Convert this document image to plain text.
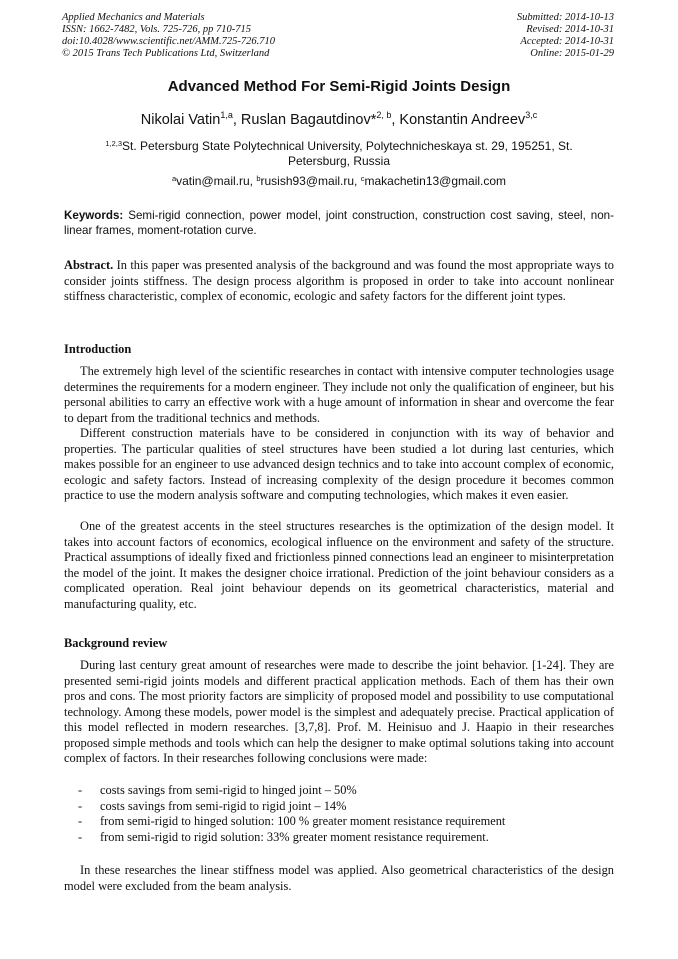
Applied Mechanics and Materials
ISSN: 1662-7482, Vols. 725-726, pp 710-715
doi:10.4028/www.scientific.net/AMM.725-726.710
© 2015 Trans Tech Publications Ltd, Switzerland
Submitted: 2014-10-13
Revised: 2014-10-31
Accepted: 2014-10-31
Online: 2015-01-29
Advanced Method For Semi-Rigid Joints Design
Nikolai Vatin$^{1,a}$, Ruslan Bagautdinov*$^{2, b}$, Konstantin Andreev$^{3,c}$
$^{1,2,3}$St. Petersburg State Polytechnical University, Polytechnicheskaya st. 29, 195251, St. Petersburg, Russia
$^a$vatin@mail.ru, $^b$rusish93@mail.ru, $^c$makachetin13@gmail.com
Keywords: Semi-rigid connection, power model, joint construction, construction cost saving, steel, non-linear frames, moment-rotation curve.
Abstract. In this paper was presented analysis of the background and was found the most appropriate ways to consider joints stiffness. The design process algorithm is proposed in order to take into account nonlinear stiffness characteristic, complex of economic, ecologic and safety factors for the different joint types.
Introduction
The extremely high level of the scientific researches in contact with intensive computer technologies usage determines the requirements for a modern engineer. They include not only the qualification of engineer, but his personal abilities to carry an effective work with a huge amount of information in shear and overcome the fear to depart from the traditional technics and methods.
Different construction materials have to be considered in conjunction with its way of behavior and properties. The particular qualities of steel structures have been studied a lot during last centuries, which makes possible for an engineer to use advanced design technics and to take into account complex of economic, ecologic and safety factors. Instead of increasing complexity of the design procedure it becomes common practice to use the modern analysis software and computing technologies, which makes it even easier.
One of the greatest accents in the steel structures researches is the optimization of the design model. It takes into account factors of economics, ecological influence on the environment and safety of the structure. Practical assumptions of ideally fixed and frictionless pinned connections lead an engineer to misinterpretation the model of the joint. It makes the designer choice irrational. Prediction of the joint behaviour considers as a complicated operation. Real joint behaviour depends on its geometrical characteristics, material and manufacturing quality, etc.
Background review
During last century great amount of researches were made to describe the joint behavior. [1-24]. They are presented semi-rigid joints models and different practical application methods. Each of them has their own pros and cons. The most priority factors are simplicity of proposed model and possibility to use computational technology. Among these models, power model is the simplest and adequately precise. Practical application of this model reflected in modern researches. [3,7,8]. Prof. M. Heinisuo and J. Haapio in their researches proposed simple methods and tools which can help the designer to make optimal solutions taking into account complex of factors. In their researches following conclusions were made:
- costs savings from semi-rigid to hinged joint – 50%
- costs savings from semi-rigid to rigid joint – 14%
- from semi-rigid to hinged solution: 100 % greater moment resistance requirement
- from semi-rigid to rigid solution: 33% greater moment resistance requirement.
In these researches the linear stiffness model was applied. Also geometrical characteristics of the design model were excluded from the beam analysis.
